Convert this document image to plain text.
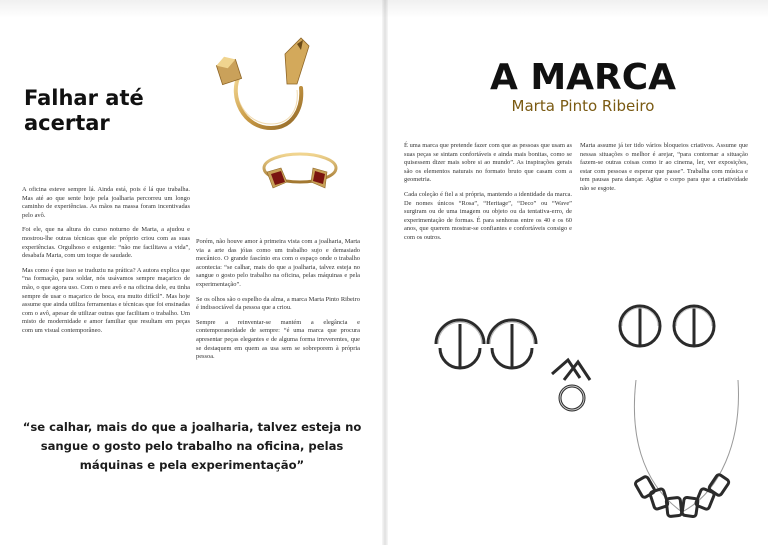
Falhar até acertar

A oficina esteve sempre lá. Ainda está, pois é lá que trabalha. Mas até ao que sente hoje pela joalharia percorreu um longo caminho de experiências. As mãos na massa foram incentivadas pelo avô.

Foi ele, que na altura do curso noturno de Marta, a ajudou e mostrou-lhe outras técnicas que ele próprio criou com as suas experiências. Orgulhoso e exigente: “não me facilitava a vida”, desabafa Marta, com um toque de saudade.

Mas como é que isso se traduziu na prática? A autora explica que “na formação, para soldar, nós usávamos sempre maçarico de mão, o que agora uso. Com o meu avô e na oficina dele, eu tinha sempre de usar o maçarico de boca, era muito difícil”. Mas hoje assume que ainda utiliza ferramentas e técnicas que foi ensinadas com o avô, apesar de utilizar outras que facilitam o trabalho. Um misto de modernidade e amor familiar que resultam em peças com um visual contemporâneo.

Porém, não houve amor à primeira vista com a joalharia, Marta via a arte das jóias como um trabalho sujo e demasiado mecânico. O grande fascínio era com o espaço onde o trabalho acontecia: “se calhar, mais do que a joalharia, talvez esteja no sangue o gosto pelo trabalho na oficina, pelas máquinas e pela experimentação”.

Se os olhos são o espelho da alma, a marca Marta Pinto Ribeiro é indissociável da pessoa que a criou.

Sempre a reinventar-se mantém a elegância e contemporaneidade de sempre: “é uma marca que procura apresentar peças elegantes e de alguma forma irreverentes, que se destaquem em quem as usa sem se sobreporem à própria pessoa.

“se calhar, mais do que a joalharia, talvez esteja no sangue o gosto pelo trabalho na oficina, pelas máquinas e pela experimentação”

A MARCA
Marta Pinto Ribeiro

É uma marca que pretende fazer com que as pessoas que usam as suas peças se sintam confortáveis e ainda mais bonitas, como se quisessem dizer mais sobre si ao mundo”. As inspirações gerais são os elementos naturais no formato bruto que casam com a geometria.

Cada coleção é fiel a si própria, mantendo a identidade da marca. De nomes únicos “Rosa”, “Heritage”, “Deco” ou “Wave” surgiram ou de uma imagem ou objeto ou da tentativa-erro, de experimentação de formas. É para senhoras entre os 40 e os 60 anos, que querem mostrar-se confiantes e confortáveis consigo e com os outros.

Marta assume já ter tido vários bloqueios criativos. Assume que nessas situações o melhor é arejar, “para contornar a situação fazem-se outras coisas como ir ao cinema, ler, ver exposições, estar com pessoas e esperar que passe”. Trabalha com música e tem pausas para dançar. Agitar o corpo para que a criatividade não se esgote.
